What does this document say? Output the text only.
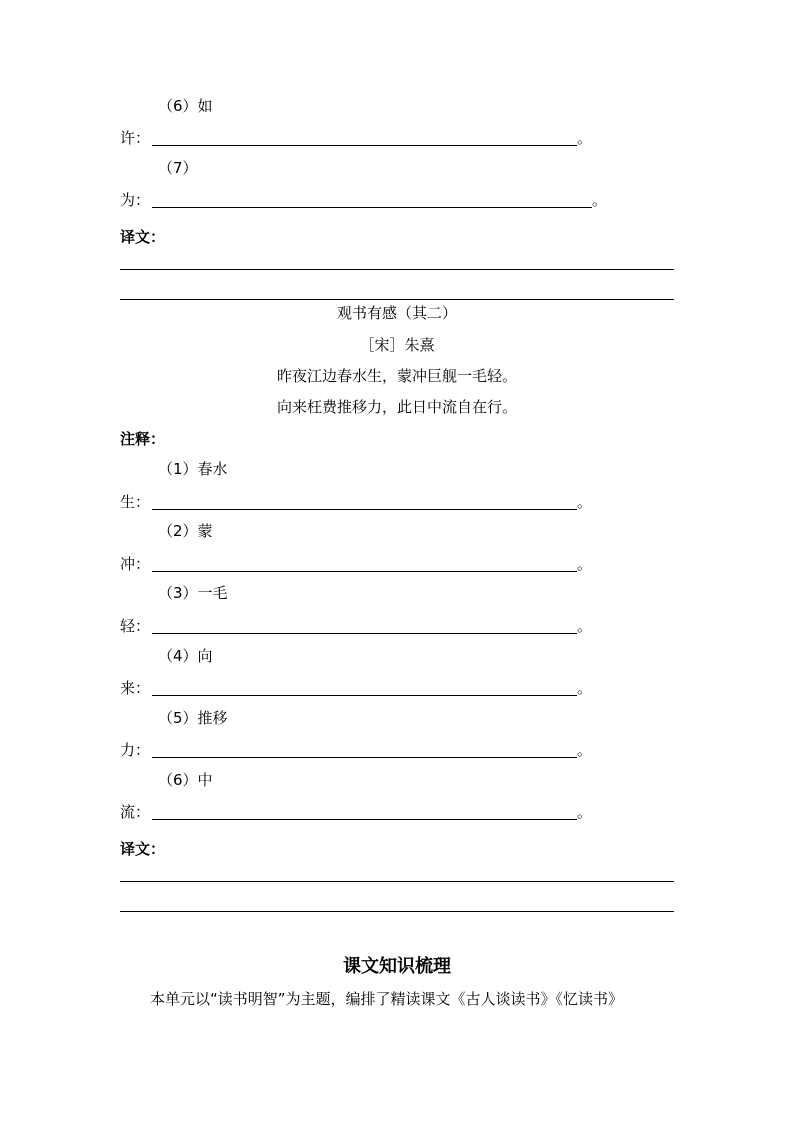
（6）如
许：	。
（7）
为：	。
译文：
观书有感（其二）
［宋］朱熹
昨夜江边春水生，蒙冲巨舰一毛轻。
向来枉费推移力，此日中流自在行。
注释：
（1）春水
生：	。
（2）蒙
冲：	。
（3）一毛
轻：	。
（4）向
来：	。
（5）推移
力：	。
（6）中
流：	。
译文：
课文知识梳理
本单元以“读书明智”为主题，编排了精读课文《古人谈读书》《忆读书》
